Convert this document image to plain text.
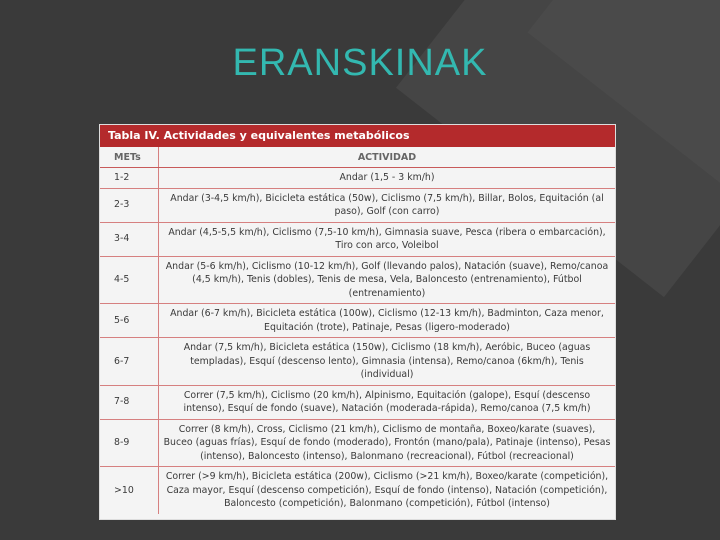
ERANSKINAK
Tabla IV. Actividades y equivalentes metabólicos
METs	ACTIVIDAD
1-2	Andar (1,5 - 3 km/h)
2-3	Andar (3-4,5 km/h), Bicicleta estática (50w), Ciclismo (7,5 km/h), Billar, Bolos, Equitación (al paso), Golf (con carro)
3-4	Andar (4,5-5,5 km/h), Ciclismo (7,5-10 km/h), Gimnasia suave, Pesca (ribera o embarcación), Tiro con arco, Voleibol
4-5	Andar (5-6 km/h), Ciclismo (10-12 km/h), Golf (llevando palos), Natación (suave), Remo/canoa (4,5 km/h), Tenis (dobles), Tenis de mesa, Vela, Baloncesto (entrenamiento), Fútbol (entrenamiento)
5-6	Andar (6-7 km/h), Bicicleta estática (100w), Ciclismo (12-13 km/h), Badminton, Caza menor, Equitación (trote), Patinaje, Pesas (ligero-moderado)
6-7	Andar (7,5 km/h), Bicicleta estática (150w), Ciclismo (18 km/h), Aeróbic, Buceo (aguas templadas), Esquí (descenso lento), Gimnasia (intensa), Remo/canoa (6km/h), Tenis (individual)
7-8	Correr (7,5 km/h), Ciclismo (20 km/h), Alpinismo, Equitación (galope), Esquí (descenso intenso), Esquí de fondo (suave), Natación (moderada-rápida), Remo/canoa (7,5 km/h)
8-9	Correr (8 km/h), Cross, Ciclismo (21 km/h), Ciclismo de montaña, Boxeo/karate (suaves), Buceo (aguas frías), Esquí de fondo (moderado), Frontón (mano/pala), Patinaje (intenso), Pesas (intenso), Baloncesto (intenso), Balonmano (recreacional), Fútbol (recreacional)
>10	Correr (>9 km/h), Bicicleta estática (200w), Ciclismo (>21 km/h), Boxeo/karate (competición), Caza mayor, Esquí (descenso competición), Esquí de fondo (intenso), Natación (competición), Baloncesto (competición), Balonmano (competición), Fútbol (intenso)
